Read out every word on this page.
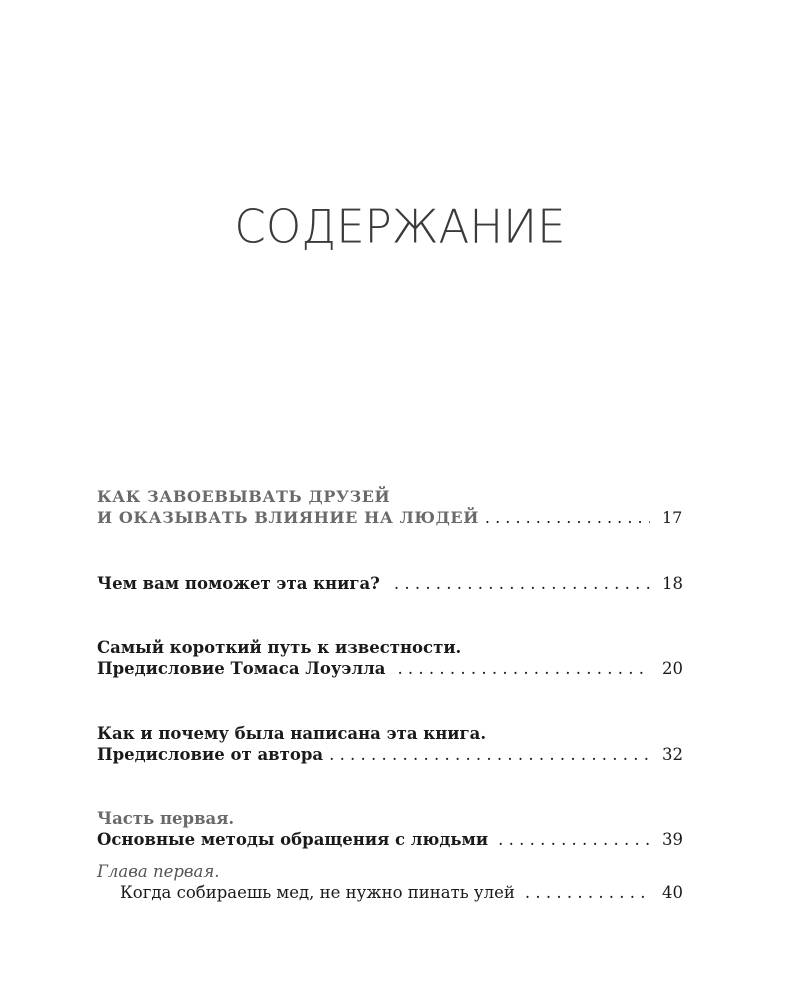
СОДЕРЖАНИЕ
КАК ЗАВОЕВЫВАТЬ ДРУЗЕЙ
И ОКАЗЫВАТЬ ВЛИЯНИЕ НА ЛЮДЕЙ . . .	17
Чем вам поможет эта книга? . . .	18
Самый короткий путь к известности.
Предисловие Томаса Лоуэлла . . .	20
Как и почему была написана эта книга.
Предисловие от автора . . .	32
Часть первая.
Основные методы обращения с людьми . . .	39
Глава первая.
Когда собираешь мед, не нужно пинать улей . . .	40
